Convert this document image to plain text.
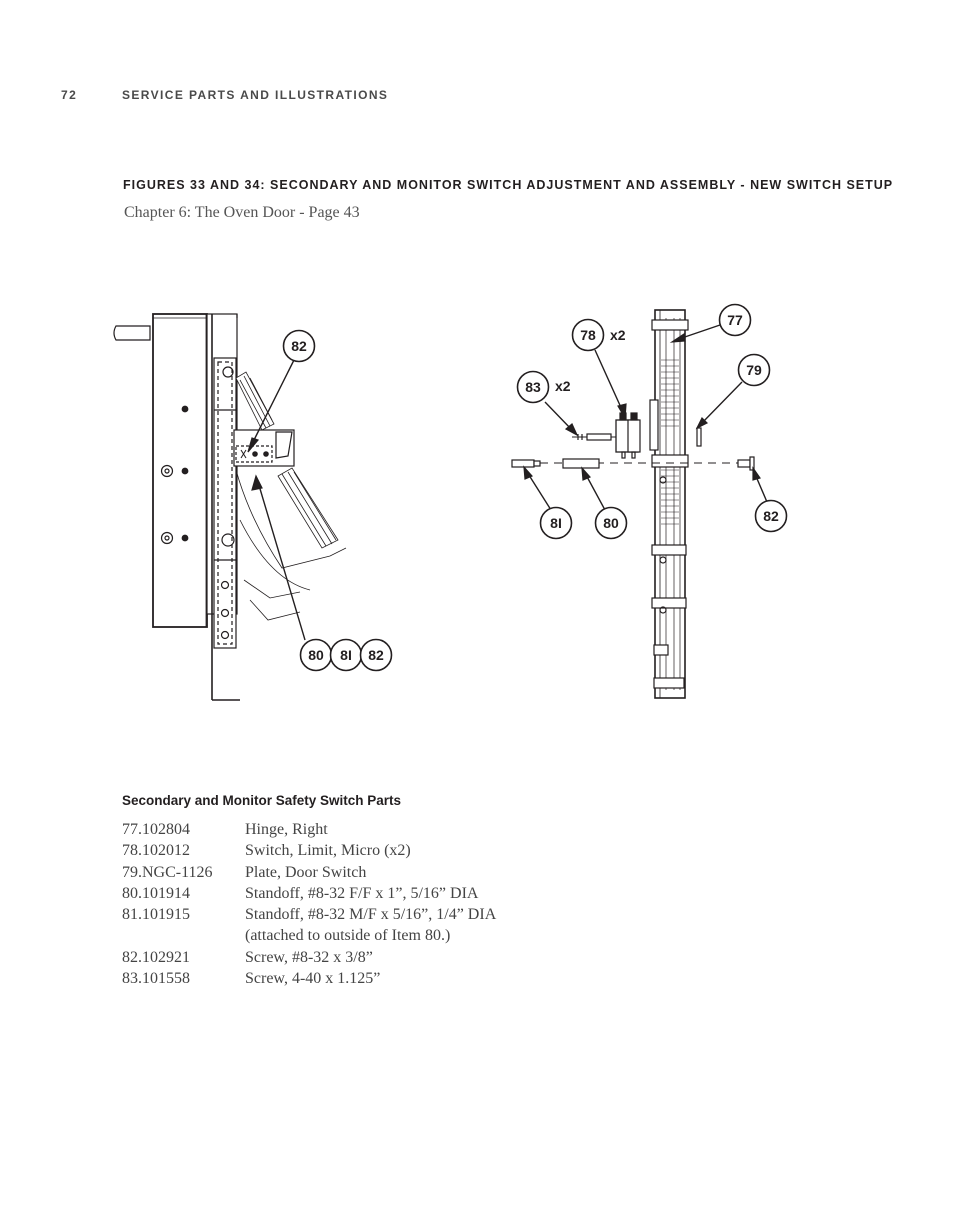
72	SERVICE PARTS AND ILLUSTRATIONS
FIGURES 33 AND 34: SECONDARY AND MONITOR SWITCH ADJUSTMENT AND ASSEMBLY - NEW SWITCH SETUP
Chapter 6: The Oven Door - Page 43
82
80 8I 82
77
78 x2
83 x2
79
8I	80	82
Secondary and Monitor Safety Switch Parts
77.102804	Hinge, Right
78.102012	Switch, Limit, Micro (x2)
79.NGC-1126	Plate, Door Switch
80.101914	Standoff, #8-32 F/F x 1”, 5/16” DIA
81.101915	Standoff, #8-32 M/F x 5/16”, 1/4” DIA
(attached to outside of Item 80.)
82.102921	Screw, #8-32 x 3/8”
83.101558	Screw, 4-40 x 1.125”
